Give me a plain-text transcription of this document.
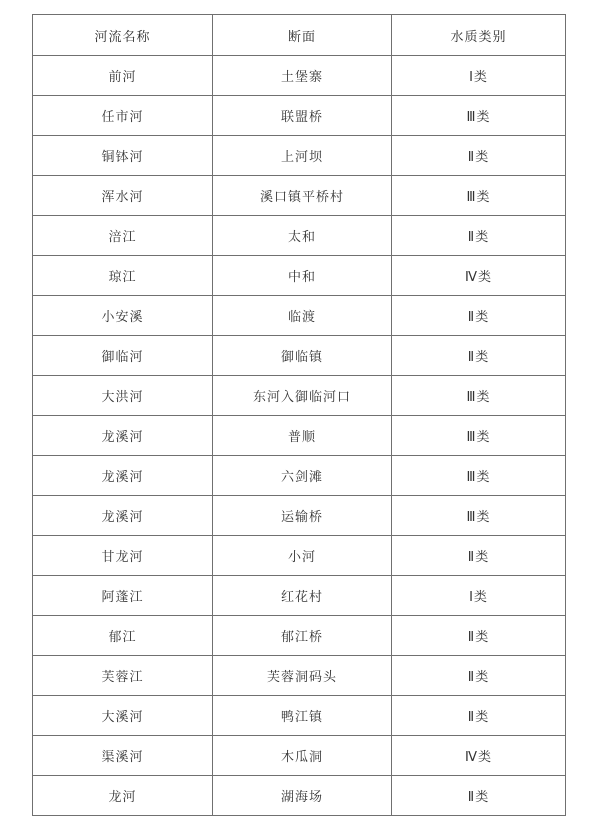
河流名称	断面	水质类别
前河	土堡寨	Ⅰ类
任市河	联盟桥	Ⅲ类
铜钵河	上河坝	Ⅱ类
浑水河	溪口镇平桥村	Ⅲ类
涪江	太和	Ⅱ类
琼江	中和	Ⅳ类
小安溪	临渡	Ⅱ类
御临河	御临镇	Ⅱ类
大洪河	东河入御临河口	Ⅲ类
龙溪河	普顺	Ⅲ类
龙溪河	六剑滩	Ⅲ类
龙溪河	运输桥	Ⅲ类
甘龙河	小河	Ⅱ类
阿蓬江	红花村	Ⅰ类
郁江	郁江桥	Ⅱ类
芙蓉江	芙蓉洞码头	Ⅱ类
大溪河	鸭江镇	Ⅱ类
渠溪河	木瓜洞	Ⅳ类
龙河	湖海场	Ⅱ类
